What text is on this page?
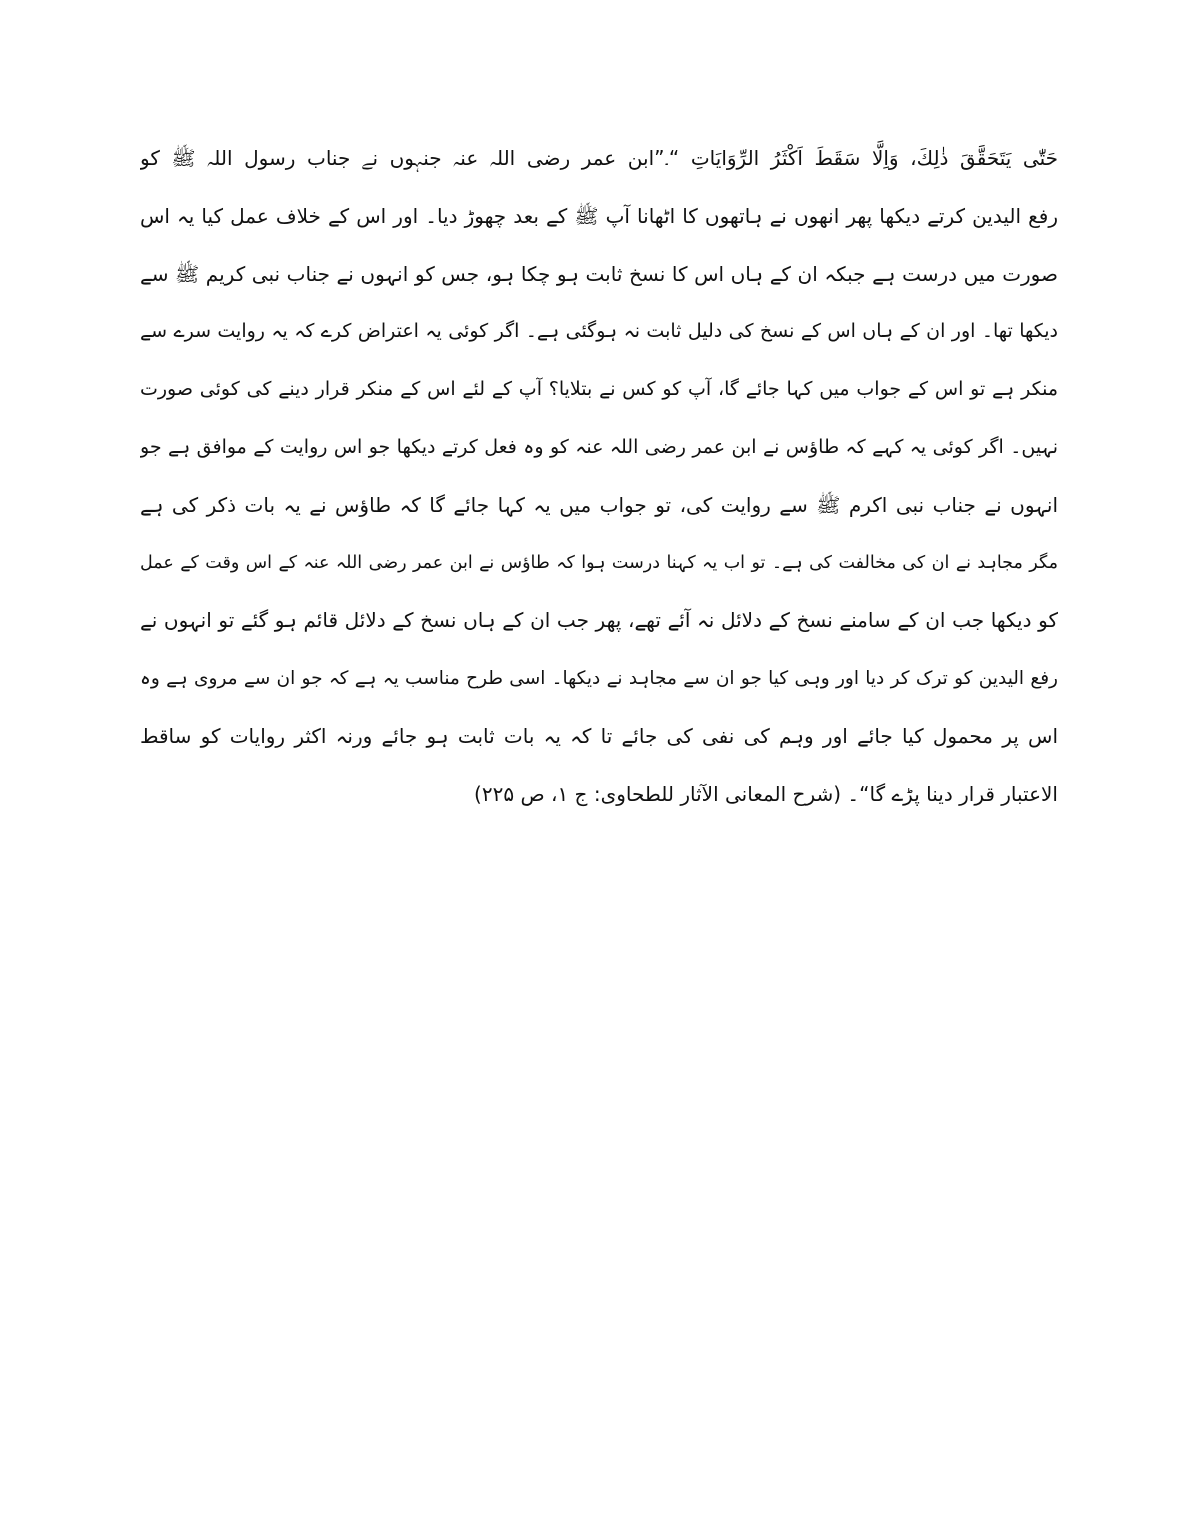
حَتّٰى يَتَحَقَّقَ ذٰلِكَ، وَاِلَّا سَقَطَ اَكْثَرُ الرِّوَايَاتِ “۔”ابن عمر رضی اللہ عنہ جنہوں نے جناب رسول اللہ ﷺ کو
رفع الیدین کرتے دیکھا پھر انھوں نے ہاتھوں کا اٹھانا آپ ﷺ کے بعد چھوڑ دیا۔ اور اس کے خلاف عمل کیا یہ اس
صورت میں درست ہے جبکہ ان کے ہاں اس کا نسخ ثابت ہو چکا ہو، جس کو انہوں نے جناب نبی کریم ﷺ سے
دیکھا تھا۔ اور ان کے ہاں اس کے نسخ کی دلیل ثابت نہ ہوگئی ہے۔ اگر کوئی یہ اعتراض کرے کہ یہ روایت سرے سے
منکر ہے تو اس کے جواب میں کہا جائے گا، آپ کو کس نے بتلایا؟ آپ کے لئے اس کے منکر قرار دینے کی کوئی صورت
نہیں۔ اگر کوئی یہ کہے کہ طاؤس نے ابن عمر رضی اللہ عنہ کو وہ فعل کرتے دیکھا جو اس روایت کے موافق ہے جو
انہوں نے جناب نبی اکرم ﷺ سے روایت کی، تو جواب میں یہ کہا جائے گا کہ طاؤس نے یہ بات ذکر کی ہے
مگر مجاہد نے ان کی مخالفت کی ہے۔ تو اب یہ کہنا درست ہوا کہ طاؤس نے ابن عمر رضی اللہ عنہ کے اس وقت کے عمل
کو دیکھا جب ان کے سامنے نسخ کے دلائل نہ آئے تھے، پھر جب ان کے ہاں نسخ کے دلائل قائم ہو گئے تو انہوں نے
رفع الیدین کو ترک کر دیا اور وہی کیا جو ان سے مجاہد نے دیکھا۔ اسی طرح مناسب یہ ہے کہ جو ان سے مروی ہے وہ
اس پر محمول کیا جائے اور وہم کی نفی کی جائے تا کہ یہ بات ثابت ہو جائے ورنہ اکثر روایات کو ساقط
الاعتبار قرار دینا پڑے گا“۔ (شرح المعانی الآثار للطحاوی: ج ۱، ص ۲۲۵)
